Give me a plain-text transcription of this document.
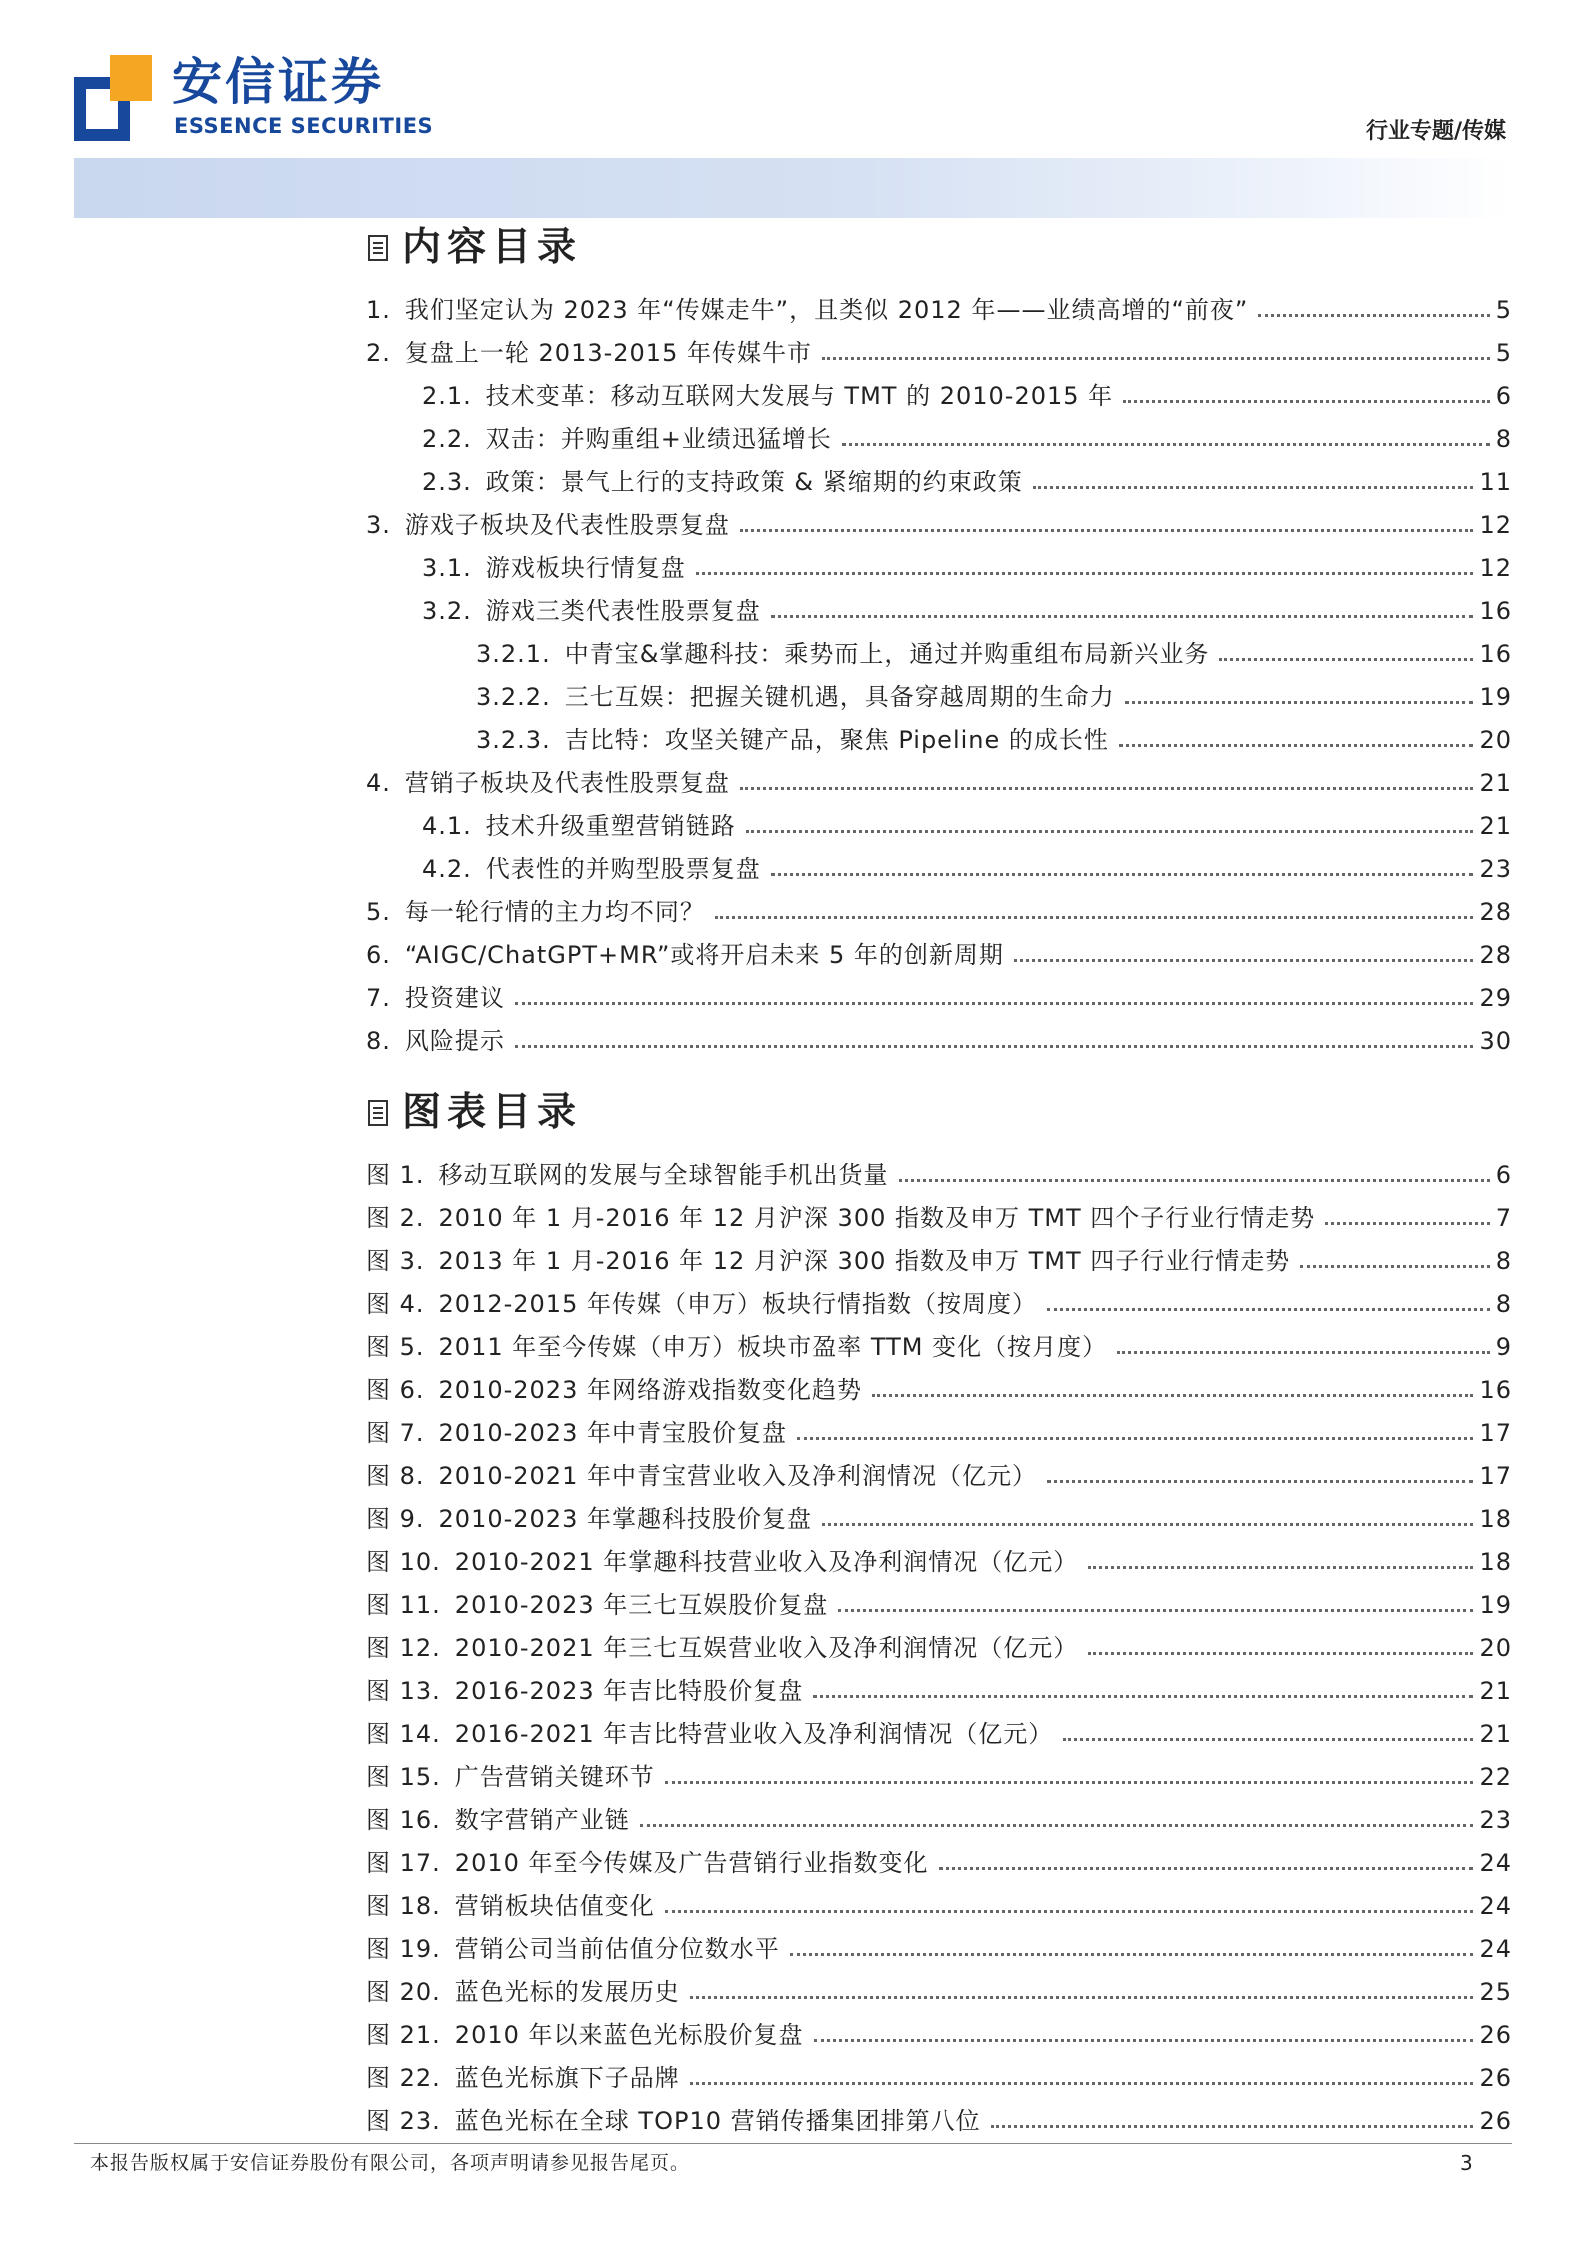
安信证券
ESSENCE SECURITIES	行业专题/传媒
内容目录
1. 我们坚定认为 2023 年“传媒走牛”，且类似 2012 年——业绩高增的“前夜”	5
2. 复盘上一轮 2013-2015 年传媒牛市	5
2.1. 技术变革：移动互联网大发展与 TMT 的 2010-2015 年	6
2.2. 双击：并购重组+业绩迅猛增长	8
2.3. 政策：景气上行的支持政策 & 紧缩期的约束政策	11
3. 游戏子板块及代表性股票复盘	12
3.1. 游戏板块行情复盘	12
3.2. 游戏三类代表性股票复盘	16
3.2.1. 中青宝&掌趣科技：乘势而上，通过并购重组布局新兴业务	16
3.2.2. 三七互娱：把握关键机遇，具备穿越周期的生命力	19
3.2.3. 吉比特：攻坚关键产品，聚焦 Pipeline 的成长性	20
4. 营销子板块及代表性股票复盘	21
4.1. 技术升级重塑营销链路	21
4.2. 代表性的并购型股票复盘	23
5. 每一轮行情的主力均不同？	28
6. “AIGC/ChatGPT+MR”或将开启未来 5 年的创新周期	28
7. 投资建议	29
8. 风险提示	30
图表目录
图 1. 移动互联网的发展与全球智能手机出货量	6
图 2. 2010 年 1 月-2016 年 12 月沪深 300 指数及申万 TMT 四个子行业行情走势	7
图 3. 2013 年 1 月-2016 年 12 月沪深 300 指数及申万 TMT 四子行业行情走势	8
图 4. 2012-2015 年传媒（申万）板块行情指数（按周度）	8
图 5. 2011 年至今传媒（申万）板块市盈率 TTM 变化（按月度）	9
图 6. 2010-2023 年网络游戏指数变化趋势	16
图 7. 2010-2023 年中青宝股价复盘	17
图 8. 2010-2021 年中青宝营业收入及净利润情况（亿元）	17
图 9. 2010-2023 年掌趣科技股价复盘	18
图 10. 2010-2021 年掌趣科技营业收入及净利润情况（亿元）	18
图 11. 2010-2023 年三七互娱股价复盘	19
图 12. 2010-2021 年三七互娱营业收入及净利润情况（亿元）	20
图 13. 2016-2023 年吉比特股价复盘	21
图 14. 2016-2021 年吉比特营业收入及净利润情况（亿元）	21
图 15. 广告营销关键环节	22
图 16. 数字营销产业链	23
图 17. 2010 年至今传媒及广告营销行业指数变化	24
图 18. 营销板块估值变化	24
图 19. 营销公司当前估值分位数水平	24
图 20. 蓝色光标的发展历史	25
图 21. 2010 年以来蓝色光标股价复盘	26
图 22. 蓝色光标旗下子品牌	26
图 23. 蓝色光标在全球 TOP10 营销传播集团排第八位	26
本报告版权属于安信证券股份有限公司，各项声明请参见报告尾页。	3
